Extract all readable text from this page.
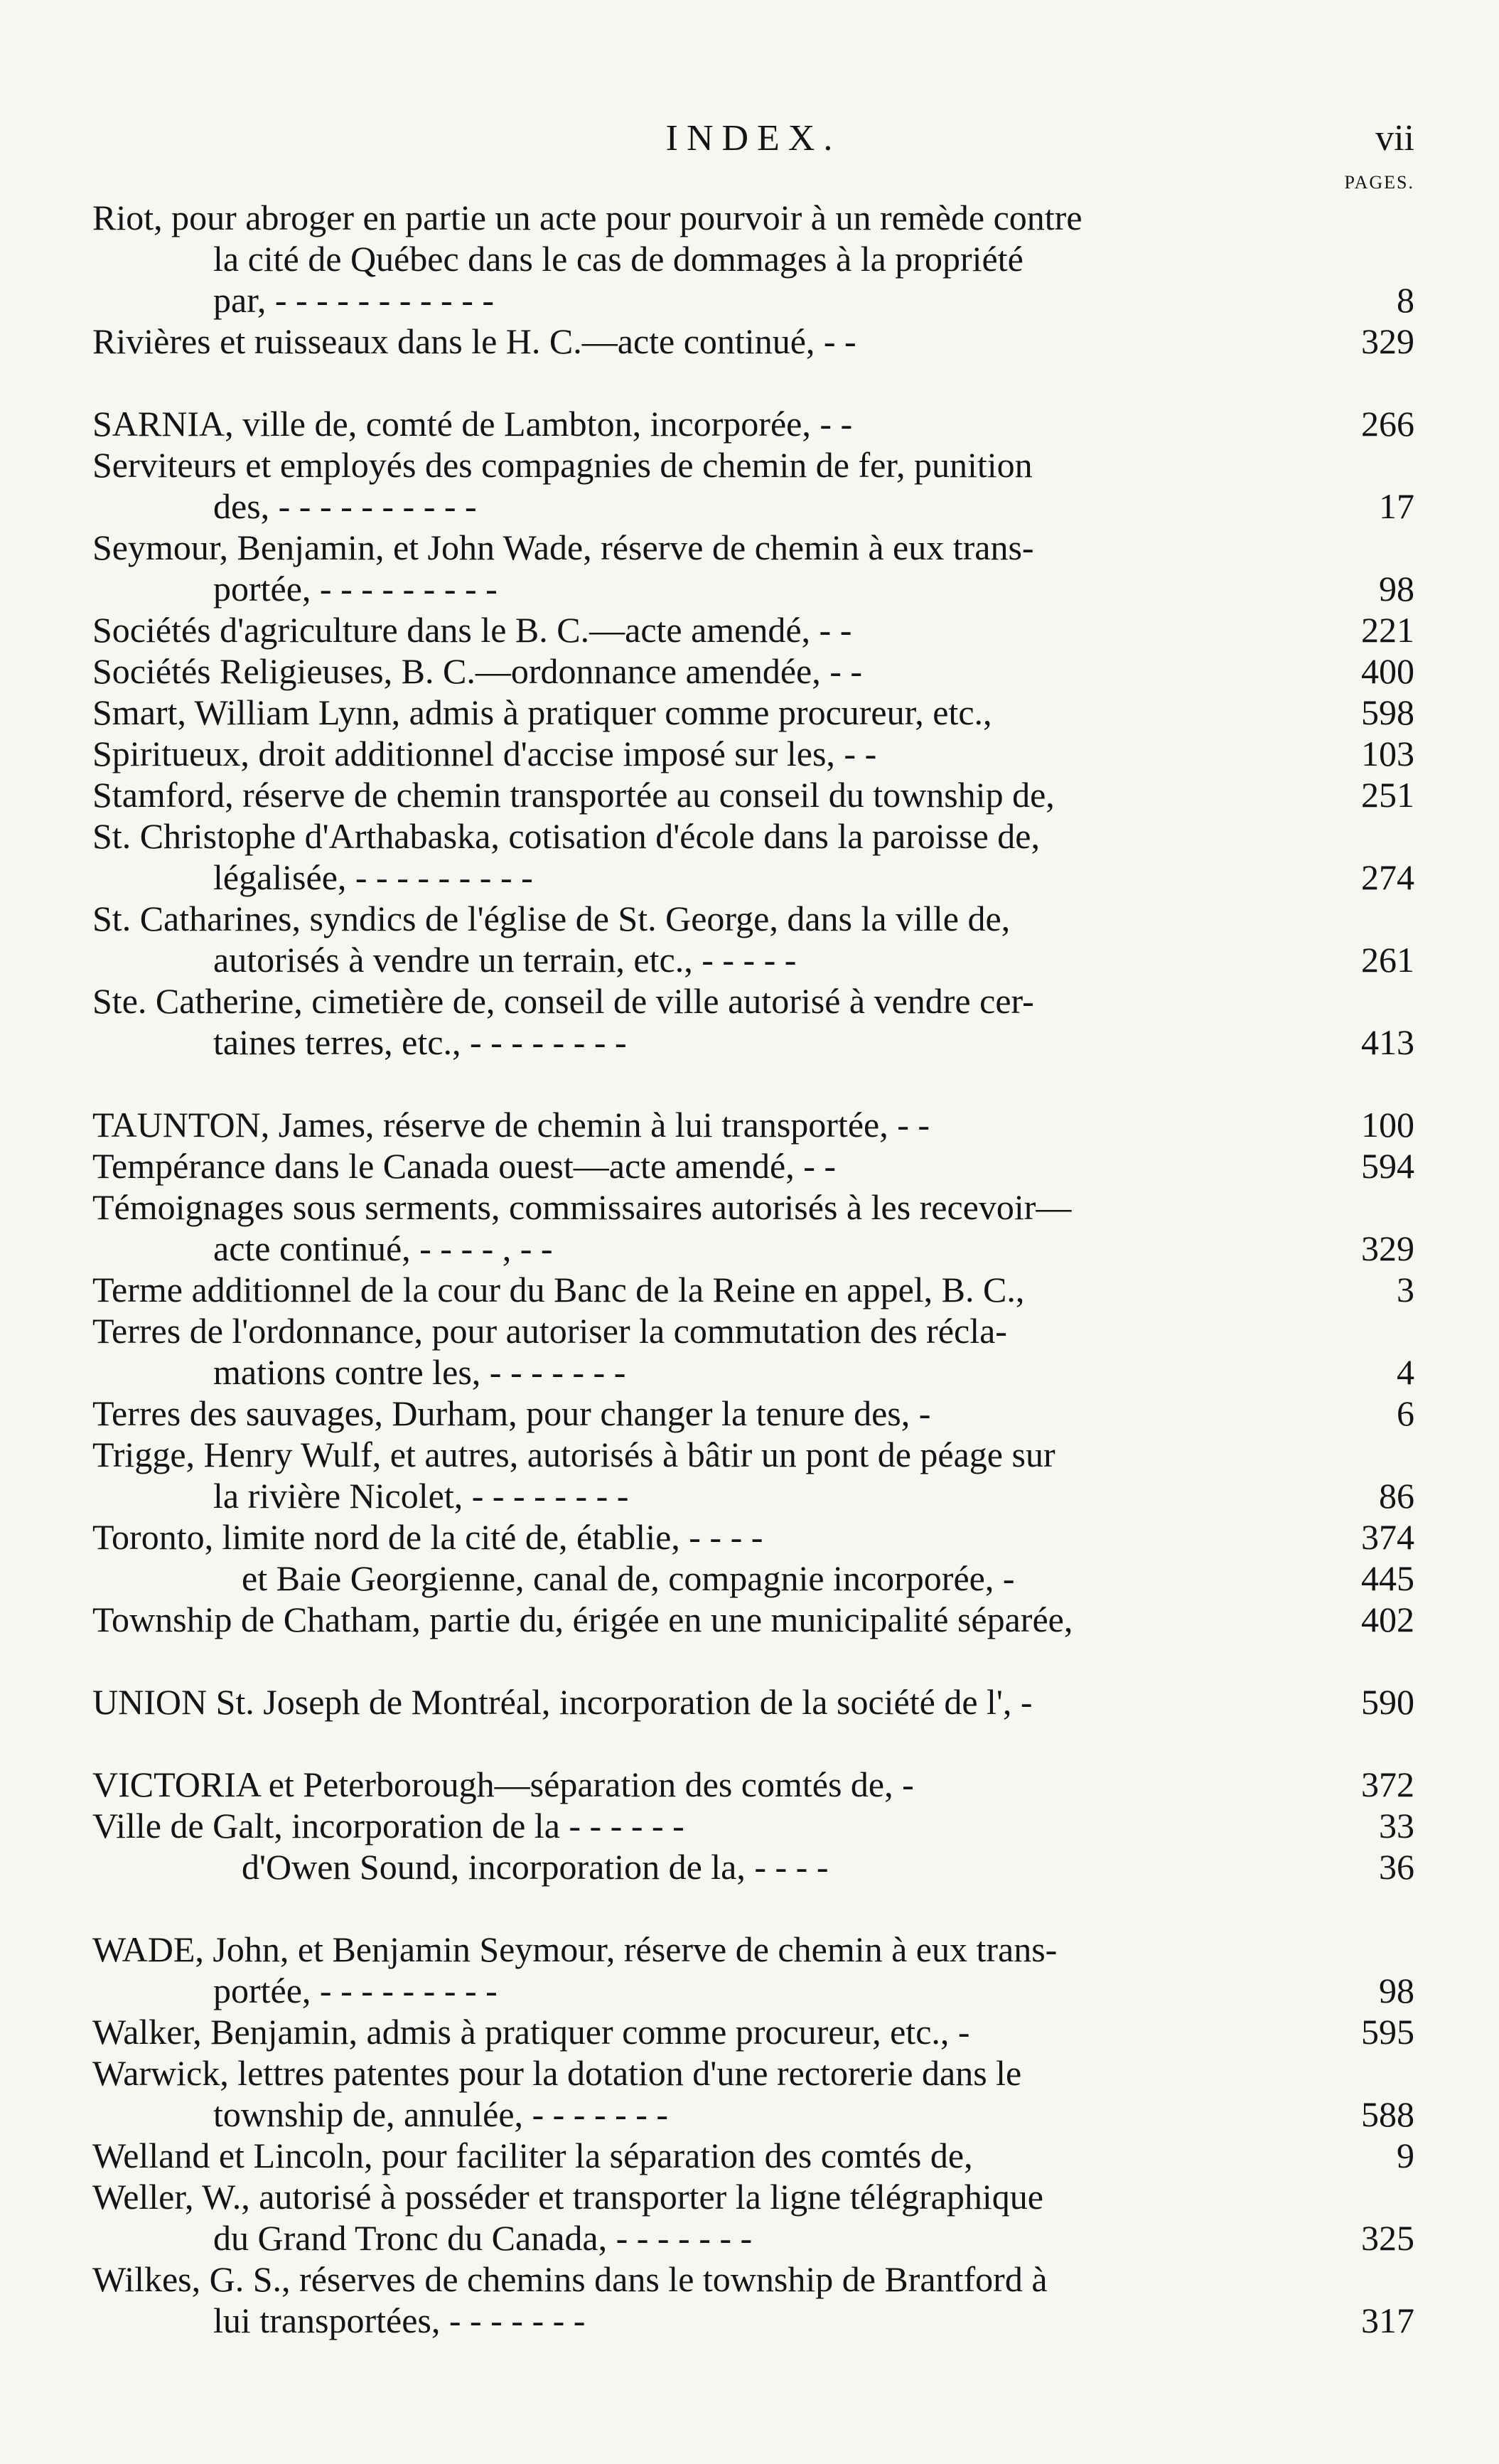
INDEX.	vii
PAGES.
Riot, pour abroger en partie un acte pour pourvoir à un remède contre
la cité de Québec dans le cas de dommages à la propriété
par, - - - - - - - - - - -	8
Rivières et ruisseaux dans le H. C.—acte continué, - -	329
SARNIA, ville de, comté de Lambton, incorporée, - -	266
Serviteurs et employés des compagnies de chemin de fer, punition
des, - - - - - - - - - -	17
Seymour, Benjamin, et John Wade, réserve de chemin à eux trans-
portée, - - - - - - - - -	98
Sociétés d'agriculture dans le B. C.—acte amendé, - -	221
Sociétés Religieuses, B. C.—ordonnance amendée, - -	400
Smart, William Lynn, admis à pratiquer comme procureur, etc.,	598
Spiritueux, droit additionnel d'accise imposé sur les, - -	103
Stamford, réserve de chemin transportée au conseil du township de,	251
St. Christophe d'Arthabaska, cotisation d'école dans la paroisse de,
légalisée, - - - - - - - - -	274
St. Catharines, syndics de l'église de St. George, dans la ville de,
autorisés à vendre un terrain, etc., - - - - -	261
Ste. Catherine, cimetière de, conseil de ville autorisé à vendre cer-
taines terres, etc., - - - - - - - -	413
TAUNTON, James, réserve de chemin à lui transportée, - -	100
Tempérance dans le Canada ouest—acte amendé, - -	594
Témoignages sous serments, commissaires autorisés à les recevoir—
acte continué, - - - - , - -	329
Terme additionnel de la cour du Banc de la Reine en appel, B. C.,	3
Terres de l'ordonnance, pour autoriser la commutation des récla-
mations contre les, - - - - - - -	4
Terres des sauvages, Durham, pour changer la tenure des, -	6
Trigge, Henry Wulf, et autres, autorisés à bâtir un pont de péage sur
la rivière Nicolet, - - - - - - - -	86
Toronto, limite nord de la cité de, établie, - - - -	374
et Baie Georgienne, canal de, compagnie incorporée, -	445
Township de Chatham, partie du, érigée en une municipalité séparée,	402
UNION St. Joseph de Montréal, incorporation de la société de l', -	590
VICTORIA et Peterborough—séparation des comtés de, -	372
Ville de Galt, incorporation de la - - - - - -	33
d'Owen Sound, incorporation de la, - - - -	36
WADE, John, et Benjamin Seymour, réserve de chemin à eux trans-
portée, - - - - - - - - -	98
Walker, Benjamin, admis à pratiquer comme procureur, etc., -	595
Warwick, lettres patentes pour la dotation d'une rectorerie dans le
township de, annulée, - - - - - - -	588
Welland et Lincoln, pour faciliter la séparation des comtés de,	9
Weller, W., autorisé à posséder et transporter la ligne télégraphique
du Grand Tronc du Canada, - - - - - - -	325
Wilkes, G. S., réserves de chemins dans le township de Brantford à
lui transportées, - - - - - - -	317
